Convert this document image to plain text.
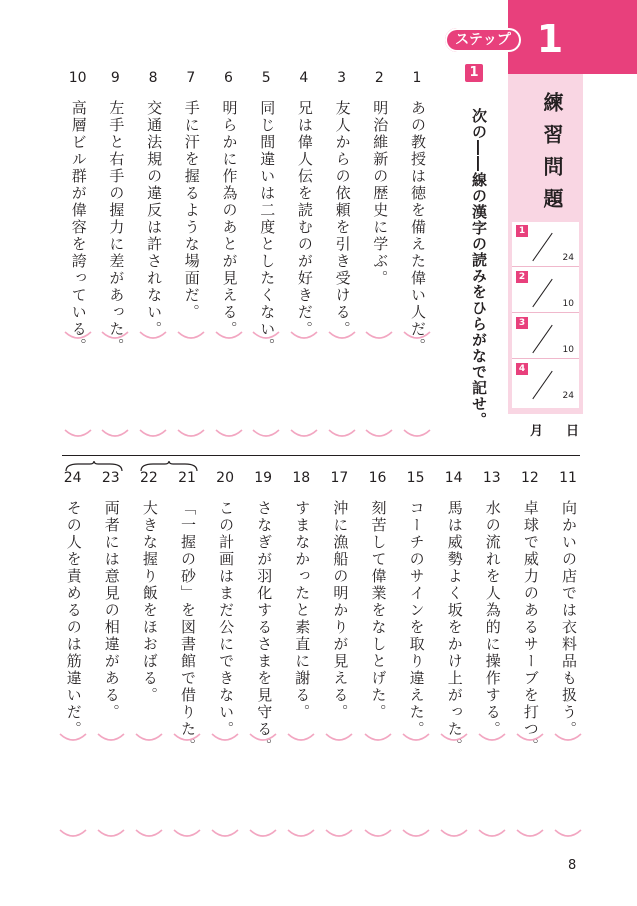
ステップ 1
練習問題
1
24
2
10
3
10
4
24
月 日
1
次の――線の漢字の読みをひらがなで記せ。
1
あの教授は徳を備えた偉い人だ。
2
明治維新の歴史に学ぶ。
3
友人からの依頼を引き受ける。
4
兄は偉人伝を読むのが好きだ。
5
同じ間違いは二度としたくない。
6
明らかに作為のあとが見える。
7
手に汗を握るような場面だ。
8
交通法規の違反は許されない。
9
左手と右手の握力に差があった。
10
高層ビル群が偉容を誇っている。
11
向かいの店では衣料品も扱う。
12
卓球で威力のあるサーブを打つ。
13
水の流れを人為的に操作する。
14
馬は威勢よく坂をかけ上がった。
15
コーチのサインを取り違えた。
16
刻苦して偉業をなしとげた。
17
沖に漁船の明かりが見える。
18
すまなかったと素直に謝る。
19
さなぎが羽化するさまを見守る。
20
この計画はまだ公にできない。
21
「一握の砂」を図書館で借りた。
22
大きな握り飯をほおばる。
23
両者には意見の相違がある。
24
その人を責めるのは筋違いだ。
8
